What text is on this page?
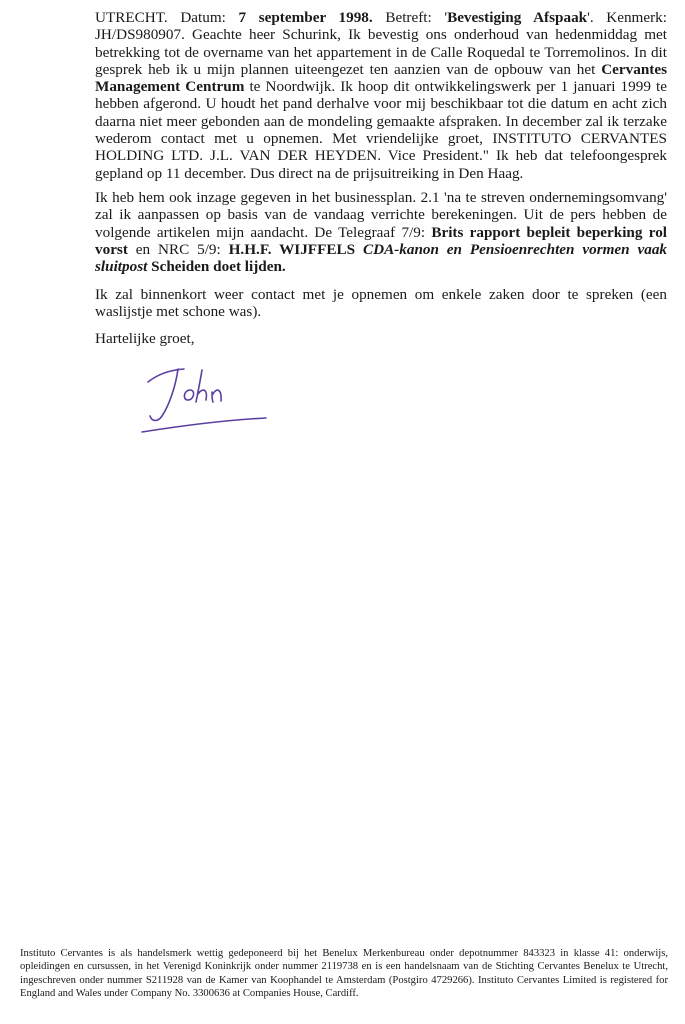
UTRECHT. Datum: 7 september 1998. Betreft: 'Bevestiging Afspaak'. Kenmerk: JH/DS980907. Geachte heer Schurink, Ik bevestig ons onderhoud van hedenmiddag met betrekking tot de overname van het appartement in de Calle Roquedal te Torremolinos. In dit gesprek heb ik u mijn plannen uiteengezet ten aanzien van de opbouw van het Cervantes Management Centrum te Noordwijk. Ik hoop dit ontwikkelingswerk per 1 januari 1999 te hebben afgerond. U houdt het pand derhalve voor mij beschikbaar tot die datum en acht zich daarna niet meer gebonden aan de mondeling gemaakte afspraken. In december zal ik terzake wederom contact met u opnemen. Met vriendelijke groet, INSTITUTO CERVANTES HOLDING LTD. J.L. VAN DER HEYDEN. Vice President." Ik heb dat telefoongesprek gepland op 11 december. Dus direct na de prijsuitreiking in Den Haag.

Ik heb hem ook inzage gegeven in het businessplan. 2.1 'na te streven ondernemingsomvang' zal ik aanpassen op basis van de vandaag verrichte berekeningen. Uit de pers hebben de volgende artikelen mijn aandacht. De Telegraaf 7/9: Brits rapport bepleit beperking rol vorst en NRC 5/9: H.H.F. WIJFFELS CDA-kanon en Pensioenrechten vormen vaak sluitpost Scheiden doet lijden.

Ik zal binnenkort weer contact met je opnemen om enkele zaken door te spreken (een waslijstje met schone was).

Hartelijke groet,

Instituto Cervantes is als handelsmerk wettig gedeponeerd bij het Benelux Merkenbureau onder depotnummer 843323 in klasse 41: onderwijs, opleidingen en cursussen, in het Verenigd Koninkrijk onder nummer 2119738 en is een handelsnaam van de Stichting Cervantes Benelux te Utrecht, ingeschreven onder nummer S211928 van de Kamer van Koophandel te Amsterdam (Postgiro 4729266). Instituto Cervantes Limited is registered for England and Wales under Company No. 3300636 at Companies House, Cardiff.
